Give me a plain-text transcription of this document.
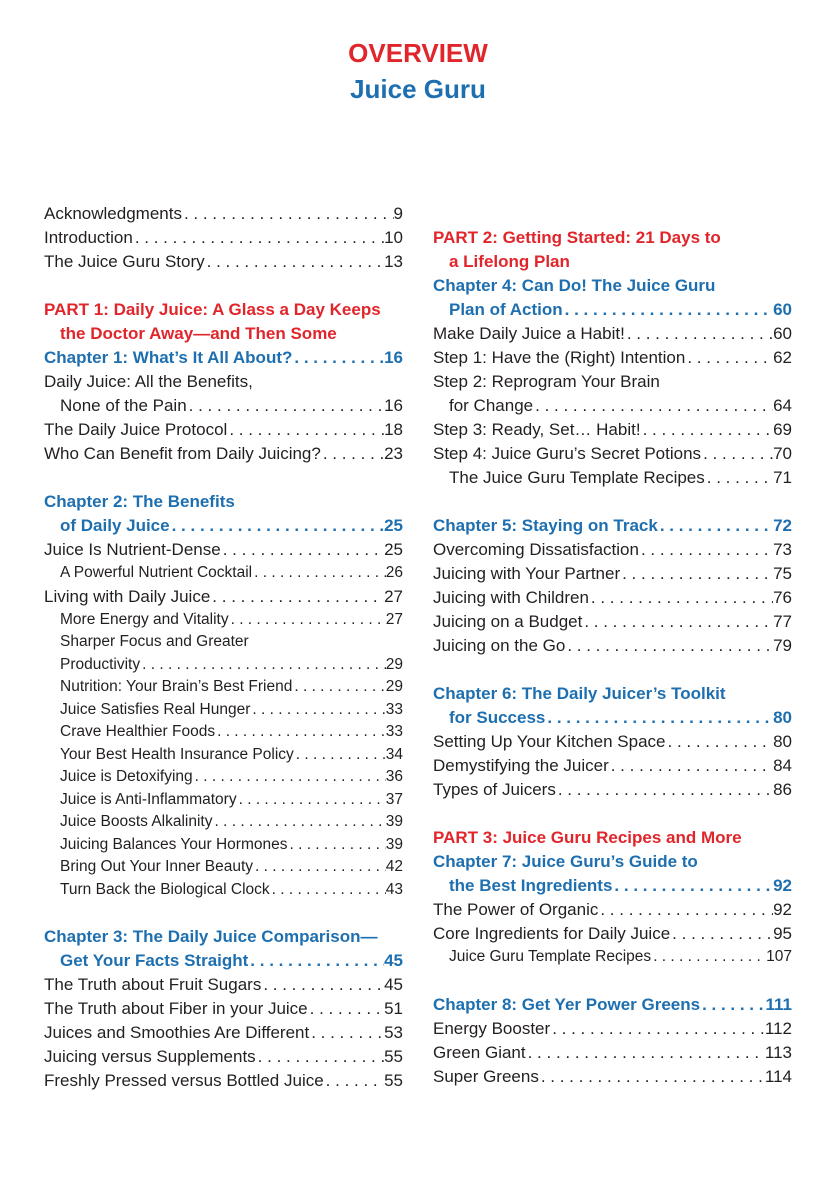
OVERVIEW
Juice Guru
Acknowledgments . . .	9
Introduction . . .	10
The Juice Guru Story . . .	13
PART 1: Daily Juice: A Glass a Day Keeps
the Doctor Away—and Then Some
Chapter 1: What’s It All About? . . .	16
Daily Juice: All the Benefits,
None of the Pain . . .	16
The Daily Juice Protocol . . .	18
Who Can Benefit from Daily Juicing? . . .	23
Chapter 2: The Benefits
of Daily Juice . . .	25
Juice Is Nutrient-Dense . . .	25
A Powerful Nutrient Cocktail . . .	26
Living with Daily Juice . . .	27
More Energy and Vitality . . .	27
Sharper Focus and Greater
Productivity . . .	29
Nutrition: Your Brain’s Best Friend . . .	29
Juice Satisfies Real Hunger . . .	33
Crave Healthier Foods . . .	33
Your Best Health Insurance Policy . . .	34
Juice is Detoxifying . . .	36
Juice is Anti-Inflammatory . . .	37
Juice Boosts Alkalinity . . .	39
Juicing Balances Your Hormones . . .	39
Bring Out Your Inner Beauty . . .	42
Turn Back the Biological Clock . . .	43
Chapter 3: The Daily Juice Comparison—
Get Your Facts Straight . . .	45
The Truth about Fruit Sugars . . .	45
The Truth about Fiber in your Juice . . .	51
Juices and Smoothies Are Different . . .	53
Juicing versus Supplements . . .	55
Freshly Pressed versus Bottled Juice . . .	55
PART 2: Getting Started: 21 Days to
a Lifelong Plan
Chapter 4: Can Do! The Juice Guru
Plan of Action . . .	60
Make Daily Juice a Habit! . . .	60
Step 1: Have the (Right) Intention . . .	62
Step 2: Reprogram Your Brain
for Change . . .	64
Step 3: Ready, Set… Habit! . . .	69
Step 4: Juice Guru’s Secret Potions . . .	70
The Juice Guru Template Recipes . . .	71
Chapter 5: Staying on Track . . .	72
Overcoming Dissatisfaction . . .	73
Juicing with Your Partner . . .	75
Juicing with Children . . .	76
Juicing on a Budget . . .	77
Juicing on the Go . . .	79
Chapter 6: The Daily Juicer’s Toolkit
for Success . . .	80
Setting Up Your Kitchen Space . . .	80
Demystifying the Juicer . . .	84
Types of Juicers . . .	86
PART 3: Juice Guru Recipes and More
Chapter 7: Juice Guru’s Guide to
the Best Ingredients . . .	92
The Power of Organic . . .	92
Core Ingredients for Daily Juice . . .	95
Juice Guru Template Recipes . . .	107
Chapter 8: Get Yer Power Greens . . .	111
Energy Booster . . .	112
Green Giant . . .	113
Super Greens . . .	114
